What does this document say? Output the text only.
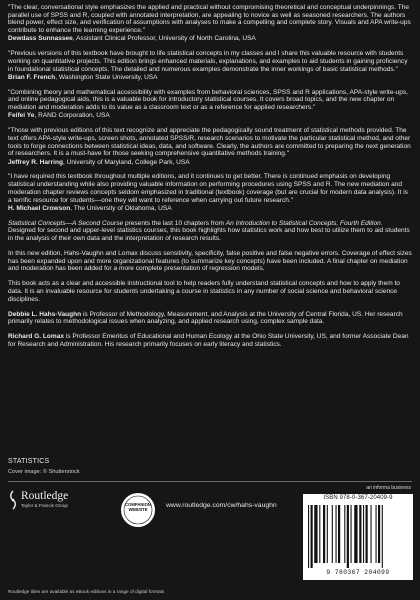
"The clear, conversational style emphasizes the applied and practical without compromising theoretical and conceptual underpinnings. The parallel use of SPSS and R, coupled with annotated interpretation, are appealing to novice as well as seasoned researchers. The authors blend power, effect size, and verification of assumptions with analyses to make a compelling and complete story. Visuals and APA write-ups contribute to enhance the learning experience."

Dewdass Sunnassee, Assistant Clinical Professor, University of North Carolina, USA

"Previous versions of this textbook have brought to life statistical concepts in my classes and I share this valuable resource with students working on quantitative projects. This edition brings enhanced materials, explanations, and examples to aid students in gaining proficiency in foundational statistical concepts. The detailed and numerous examples demonstrate the inner workings of basic statistical methods."

Brian F. French, Washington State University, USA

"Combining theory and mathematical accessibility with examples from behavioral sciences, SPSS and R applications, APA-style write-ups, and online pedagogical aids, this is a valuable book for introductory statistical courses. It covers broad topics, and the new chapter on mediation and moderation adds to its value as a classroom text or as a reference for applied researchers."

Feifei Ye, RAND Corporation, USA

"Those with previous editions of this text recognize and appreciate the pedagogically sound treatment of statistical methods provided. The text offers APA-style write-ups, screen shots, annotated SPSS/R, research scenarios to motivate the particular statistical method, and other tools to forge connections between statistical ideas, data, and software. Clearly, the authors are committed to preparing the next generation of researchers. It is a must-have for those seeking comprehensive quantitative methods training."

Jeffrey R. Harring, University of Maryland, College Park, USA

"I have required this textbook throughout multiple editions, and it continues to get better. There is continued emphasis on developing statistical understanding while also providing valuable information on performing procedures using SPSS and R. The new mediation and moderation chapter reviews concepts seldom emphasized in traditional (textbook) coverage (but are crucial for modern data analysis). It is a terrific resource for students—one they will want to reference when carrying out future research."

H. Michael Crowson, The University of Oklahoma, USA

Statistical Concepts—A Second Course presents the last 10 chapters from An Introduction to Statistical Concepts, Fourth Edition. Designed for second and upper-level statistics courses, this book highlights how statistics work and how best to utilize them to aid students in the analysis of their own data and the interpretation of research results.

In this new edition, Hahs-Vaughn and Lomax discuss sensitivity, specificity, false positive and false negative errors. Coverage of effect sizes has been expanded upon and more organizational features (to summarize key concepts) have been included. A final chapter on mediation and moderation has been added for a more complete presentation of regression models.

This book acts as a clear and accessible instructional tool to help readers fully understand statistical concepts and how to apply them to data. It is an invaluable resource for students undertaking a course in statistics in any number of social science and behavioral science disciplines.

Debbie L. Hahs-Vaughn is Professor of Methodology, Measurement, and Analysis at the University of Central Florida, US. Her research primarily relates to methodological issues when analyzing, and applied research using, complex sample data.

Richard G. Lomax is Professor Emeritus of Educational and Human Ecology at the Ohio State University, US, and former Associate Dean for Research and Administration. His research primarily focuses on early literacy and statistics.

STATISTICS
Cover image: © Shutterstock
Routledge
Taylor & Francis Group	COMPANION
WEBSITE
www.routledge.com/cw/hahs-vaughn
an informa business
ISBN 978-0-367-20409-9
9 780367 204099
Routledge titles are available as eBook editions in a range of digital formats
